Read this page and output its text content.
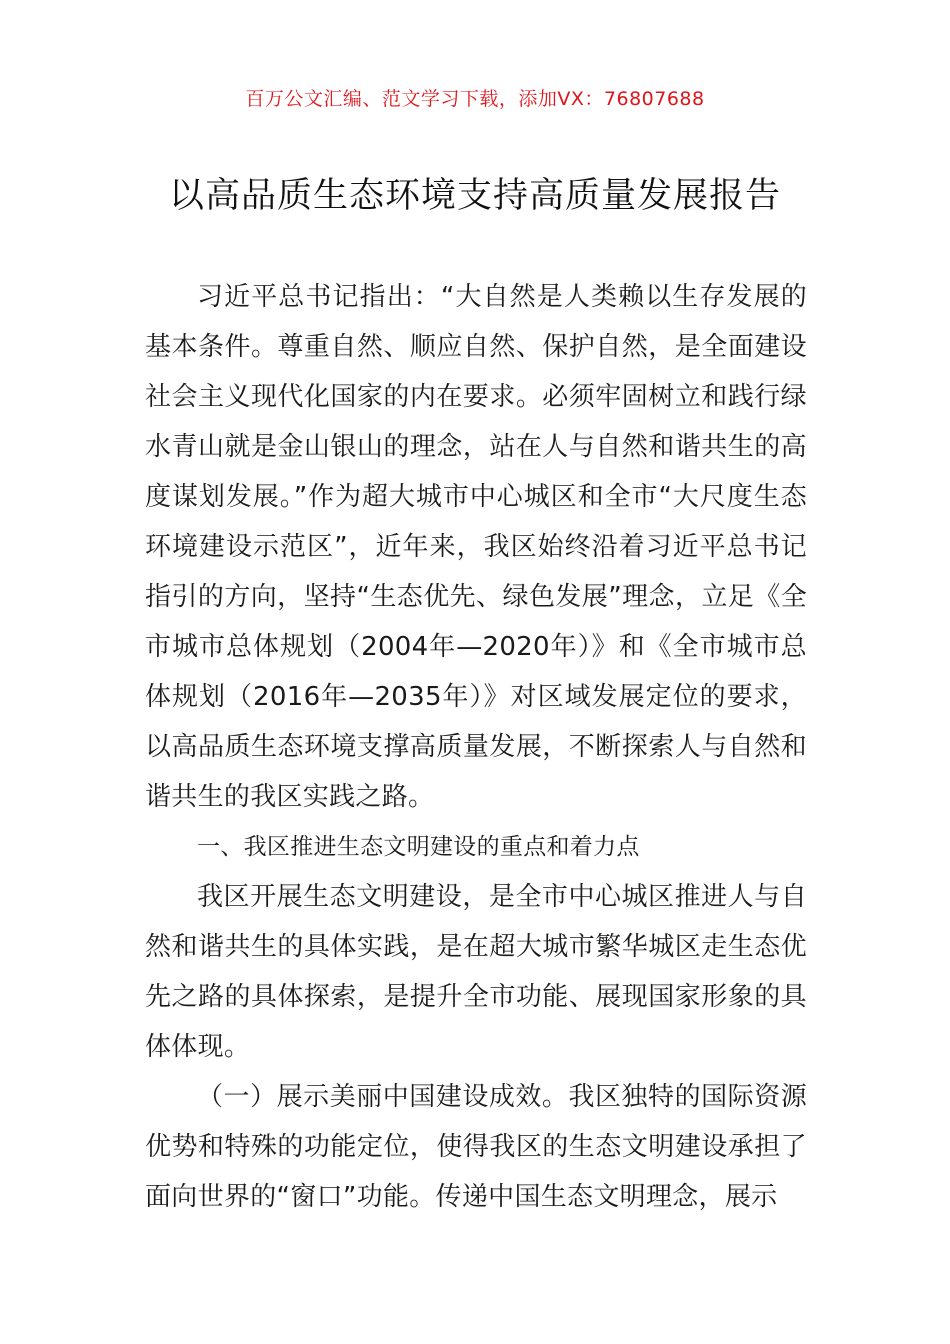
百万公文汇编、范文学习下载，添加VX：76807688
以高品质生态环境支持高质量发展报告

习近平总书记指出：“大自然是人类赖以生存发展的基本条件。尊重自然、顺应自然、保护自然，是全面建设社会主义现代化国家的内在要求。必须牢固树立和践行绿水青山就是金山银山的理念，站在人与自然和谐共生的高度谋划发展。”作为超大城市中心城区和全市“大尺度生态环境建设示范区”，近年来，我区始终沿着习近平总书记指引的方向，坚持“生态优先、绿色发展”理念，立足《全市城市总体规划（2004年—2020年）》和《全市城市总体规划（2016年—2035年）》对区域发展定位的要求，以高品质生态环境支撑高质量发展，不断探索人与自然和谐共生的我区实践之路。

一、我区推进生态文明建设的重点和着力点

我区开展生态文明建设，是全市中心城区推进人与自然和谐共生的具体实践，是在超大城市繁华城区走生态优先之路的具体探索，是提升全市功能、展现国家形象的具体体现。

（一）展示美丽中国建设成效。我区独特的国际资源优势和特殊的功能定位，使得我区的生态文明建设承担了面向世界的“窗口”功能。传递中国生态文明理念，展示
